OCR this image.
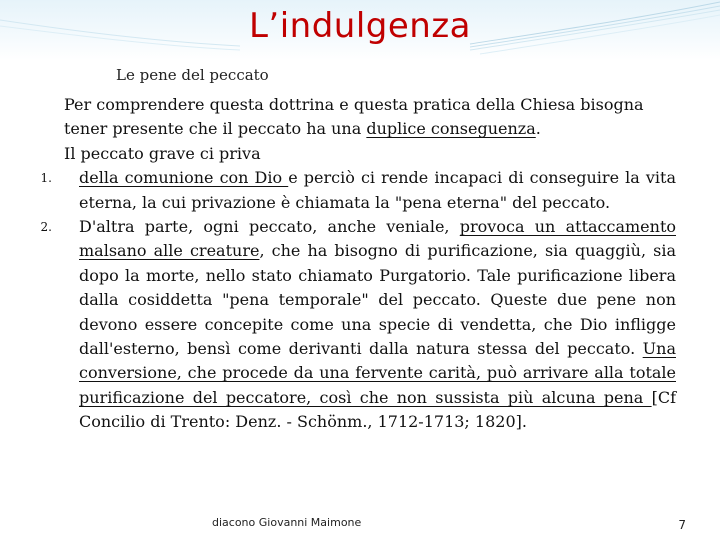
L’indulgenza
Le pene del peccato

Per comprendere questa dottrina e questa pratica della Chiesa bisogna tener presente che il peccato ha una duplice conseguenza.

Il peccato grave ci priva

1. della comunione con Dio e perciò ci rende incapaci di conseguire la vita eterna, la cui privazione è chiamata la "pena eterna" del peccato.
2. D'altra parte, ogni peccato, anche veniale, provoca un attaccamento malsano alle creature, che ha bisogno di purificazione, sia quaggiù, sia dopo la morte, nello stato chiamato Purgatorio. Tale purificazione libera dalla cosiddetta "pena temporale" del peccato. Queste due pene non devono essere concepite come una specie di vendetta, che Dio infligge dall'esterno, bensì come derivanti dalla natura stessa del peccato. Una conversione, che procede da una fervente carità, può arrivare alla totale purificazione del peccatore, così che non sussista più alcuna pena [Cf Concilio di Trento: Denz. - Schönm., 1712-1713; 1820].
diacono Giovanni Maimone	7
